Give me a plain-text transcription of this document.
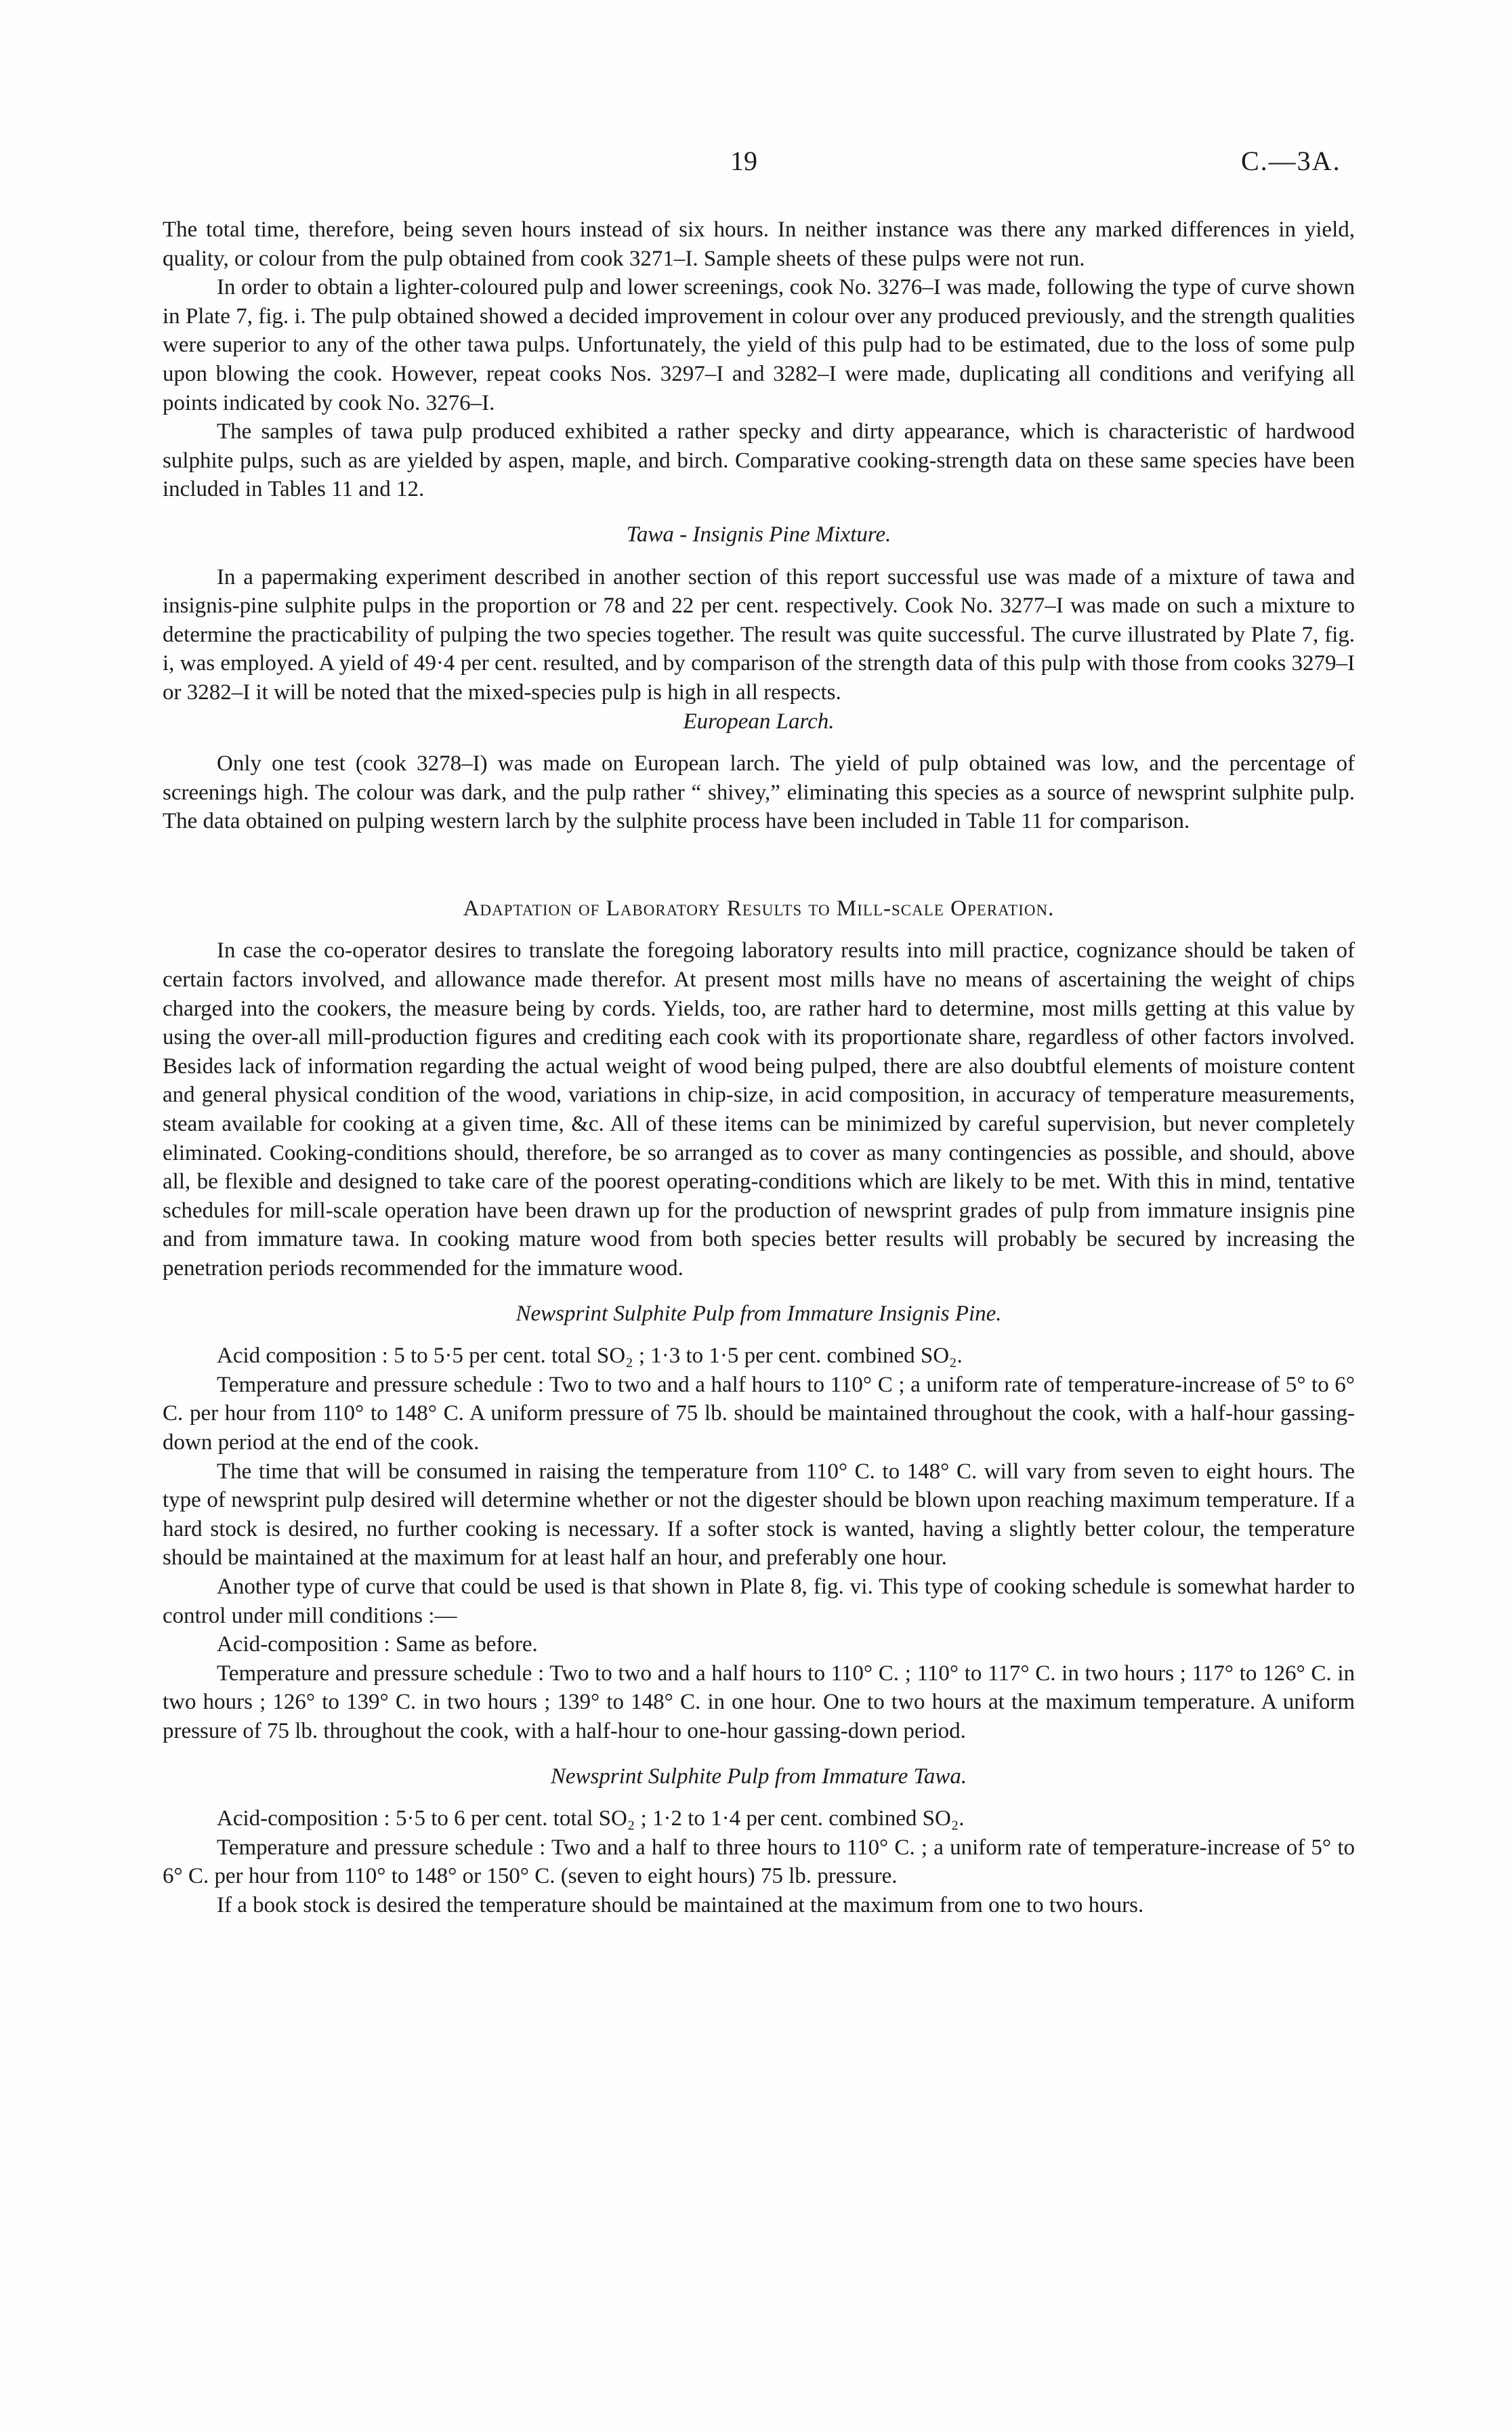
19	C.—3A.

The total time, therefore, being seven hours instead of six hours. In neither instance was there any marked differences in yield, quality, or colour from the pulp obtained from cook 3271–I. Sample sheets of these pulps were not run.

In order to obtain a lighter-coloured pulp and lower screenings, cook No. 3276–I was made, following the type of curve shown in Plate 7, fig. i. The pulp obtained showed a decided improvement in colour over any produced previously, and the strength qualities were superior to any of the other tawa pulps. Unfortunately, the yield of this pulp had to be estimated, due to the loss of some pulp upon blowing the cook. However, repeat cooks Nos. 3297–I and 3282–I were made, duplicating all conditions and verifying all points indicated by cook No. 3276–I.

The samples of tawa pulp produced exhibited a rather specky and dirty appearance, which is characteristic of hardwood sulphite pulps, such as are yielded by aspen, maple, and birch. Comparative cooking-strength data on these same species have been included in Tables 11 and 12.

Tawa - Insignis Pine Mixture.

In a papermaking experiment described in another section of this report successful use was made of a mixture of tawa and insignis-pine sulphite pulps in the proportion or 78 and 22 per cent. respectively. Cook No. 3277–I was made on such a mixture to determine the practicability of pulping the two species together. The result was quite successful. The curve illustrated by Plate 7, fig. i, was employed. A yield of 49·4 per cent. resulted, and by comparison of the strength data of this pulp with those from cooks 3279–I or 3282–I it will be noted that the mixed-species pulp is high in all respects.

European Larch.

Only one test (cook 3278–I) was made on European larch. The yield of pulp obtained was low, and the percentage of screenings high. The colour was dark, and the pulp rather “ shivey,” eliminating this species as a source of newsprint sulphite pulp. The data obtained on pulping western larch by the sulphite process have been included in Table 11 for comparison.

Adaptation of Laboratory Results to Mill-scale Operation.

In case the co-operator desires to translate the foregoing laboratory results into mill practice, cognizance should be taken of certain factors involved, and allowance made therefor. At present most mills have no means of ascertaining the weight of chips charged into the cookers, the measure being by cords. Yields, too, are rather hard to determine, most mills getting at this value by using the over-all mill-production figures and crediting each cook with its proportionate share, regardless of other factors involved. Besides lack of information regarding the actual weight of wood being pulped, there are also doubtful elements of moisture content and general physical condition of the wood, variations in chip-size, in acid composition, in accuracy of temperature measurements, steam available for cooking at a given time, &c. All of these items can be minimized by careful supervision, but never completely eliminated. Cooking-conditions should, therefore, be so arranged as to cover as many contingencies as possible, and should, above all, be flexible and designed to take care of the poorest operating-conditions which are likely to be met. With this in mind, tentative schedules for mill-scale operation have been drawn up for the production of newsprint grades of pulp from immature insignis pine and from immature tawa. In cooking mature wood from both species better results will probably be secured by increasing the penetration periods recommended for the immature wood.

Newsprint Sulphite Pulp from Immature Insignis Pine.

Acid composition : 5 to 5·5 per cent. total SO₂ ; 1·3 to 1·5 per cent. combined SO₂.

Temperature and pressure schedule : Two to two and a half hours to 110° C ; a uniform rate of temperature-increase of 5° to 6° C. per hour from 110° to 148° C. A uniform pressure of 75 lb. should be maintained throughout the cook, with a half-hour gassing-down period at the end of the cook.

The time that will be consumed in raising the temperature from 110° C. to 148° C. will vary from seven to eight hours. The type of newsprint pulp desired will determine whether or not the digester should be blown upon reaching maximum temperature. If a hard stock is desired, no further cooking is necessary. If a softer stock is wanted, having a slightly better colour, the temperature should be maintained at the maximum for at least half an hour, and preferably one hour.

Another type of curve that could be used is that shown in Plate 8, fig. vi. This type of cooking schedule is somewhat harder to control under mill conditions :—

Acid-composition : Same as before.

Temperature and pressure schedule : Two to two and a half hours to 110° C. ; 110° to 117° C. in two hours ; 117° to 126° C. in two hours ; 126° to 139° C. in two hours ; 139° to 148° C. in one hour. One to two hours at the maximum temperature. A uniform pressure of 75 lb. throughout the cook, with a half-hour to one-hour gassing-down period.

Newsprint Sulphite Pulp from Immature Tawa.

Acid-composition : 5·5 to 6 per cent. total SO₂ ; 1·2 to 1·4 per cent. combined SO₂.

Temperature and pressure schedule : Two and a half to three hours to 110° C. ; a uniform rate of temperature-increase of 5° to 6° C. per hour from 110° to 148° or 150° C. (seven to eight hours) 75 lb. pressure.

If a book stock is desired the temperature should be maintained at the maximum from one to two hours.
